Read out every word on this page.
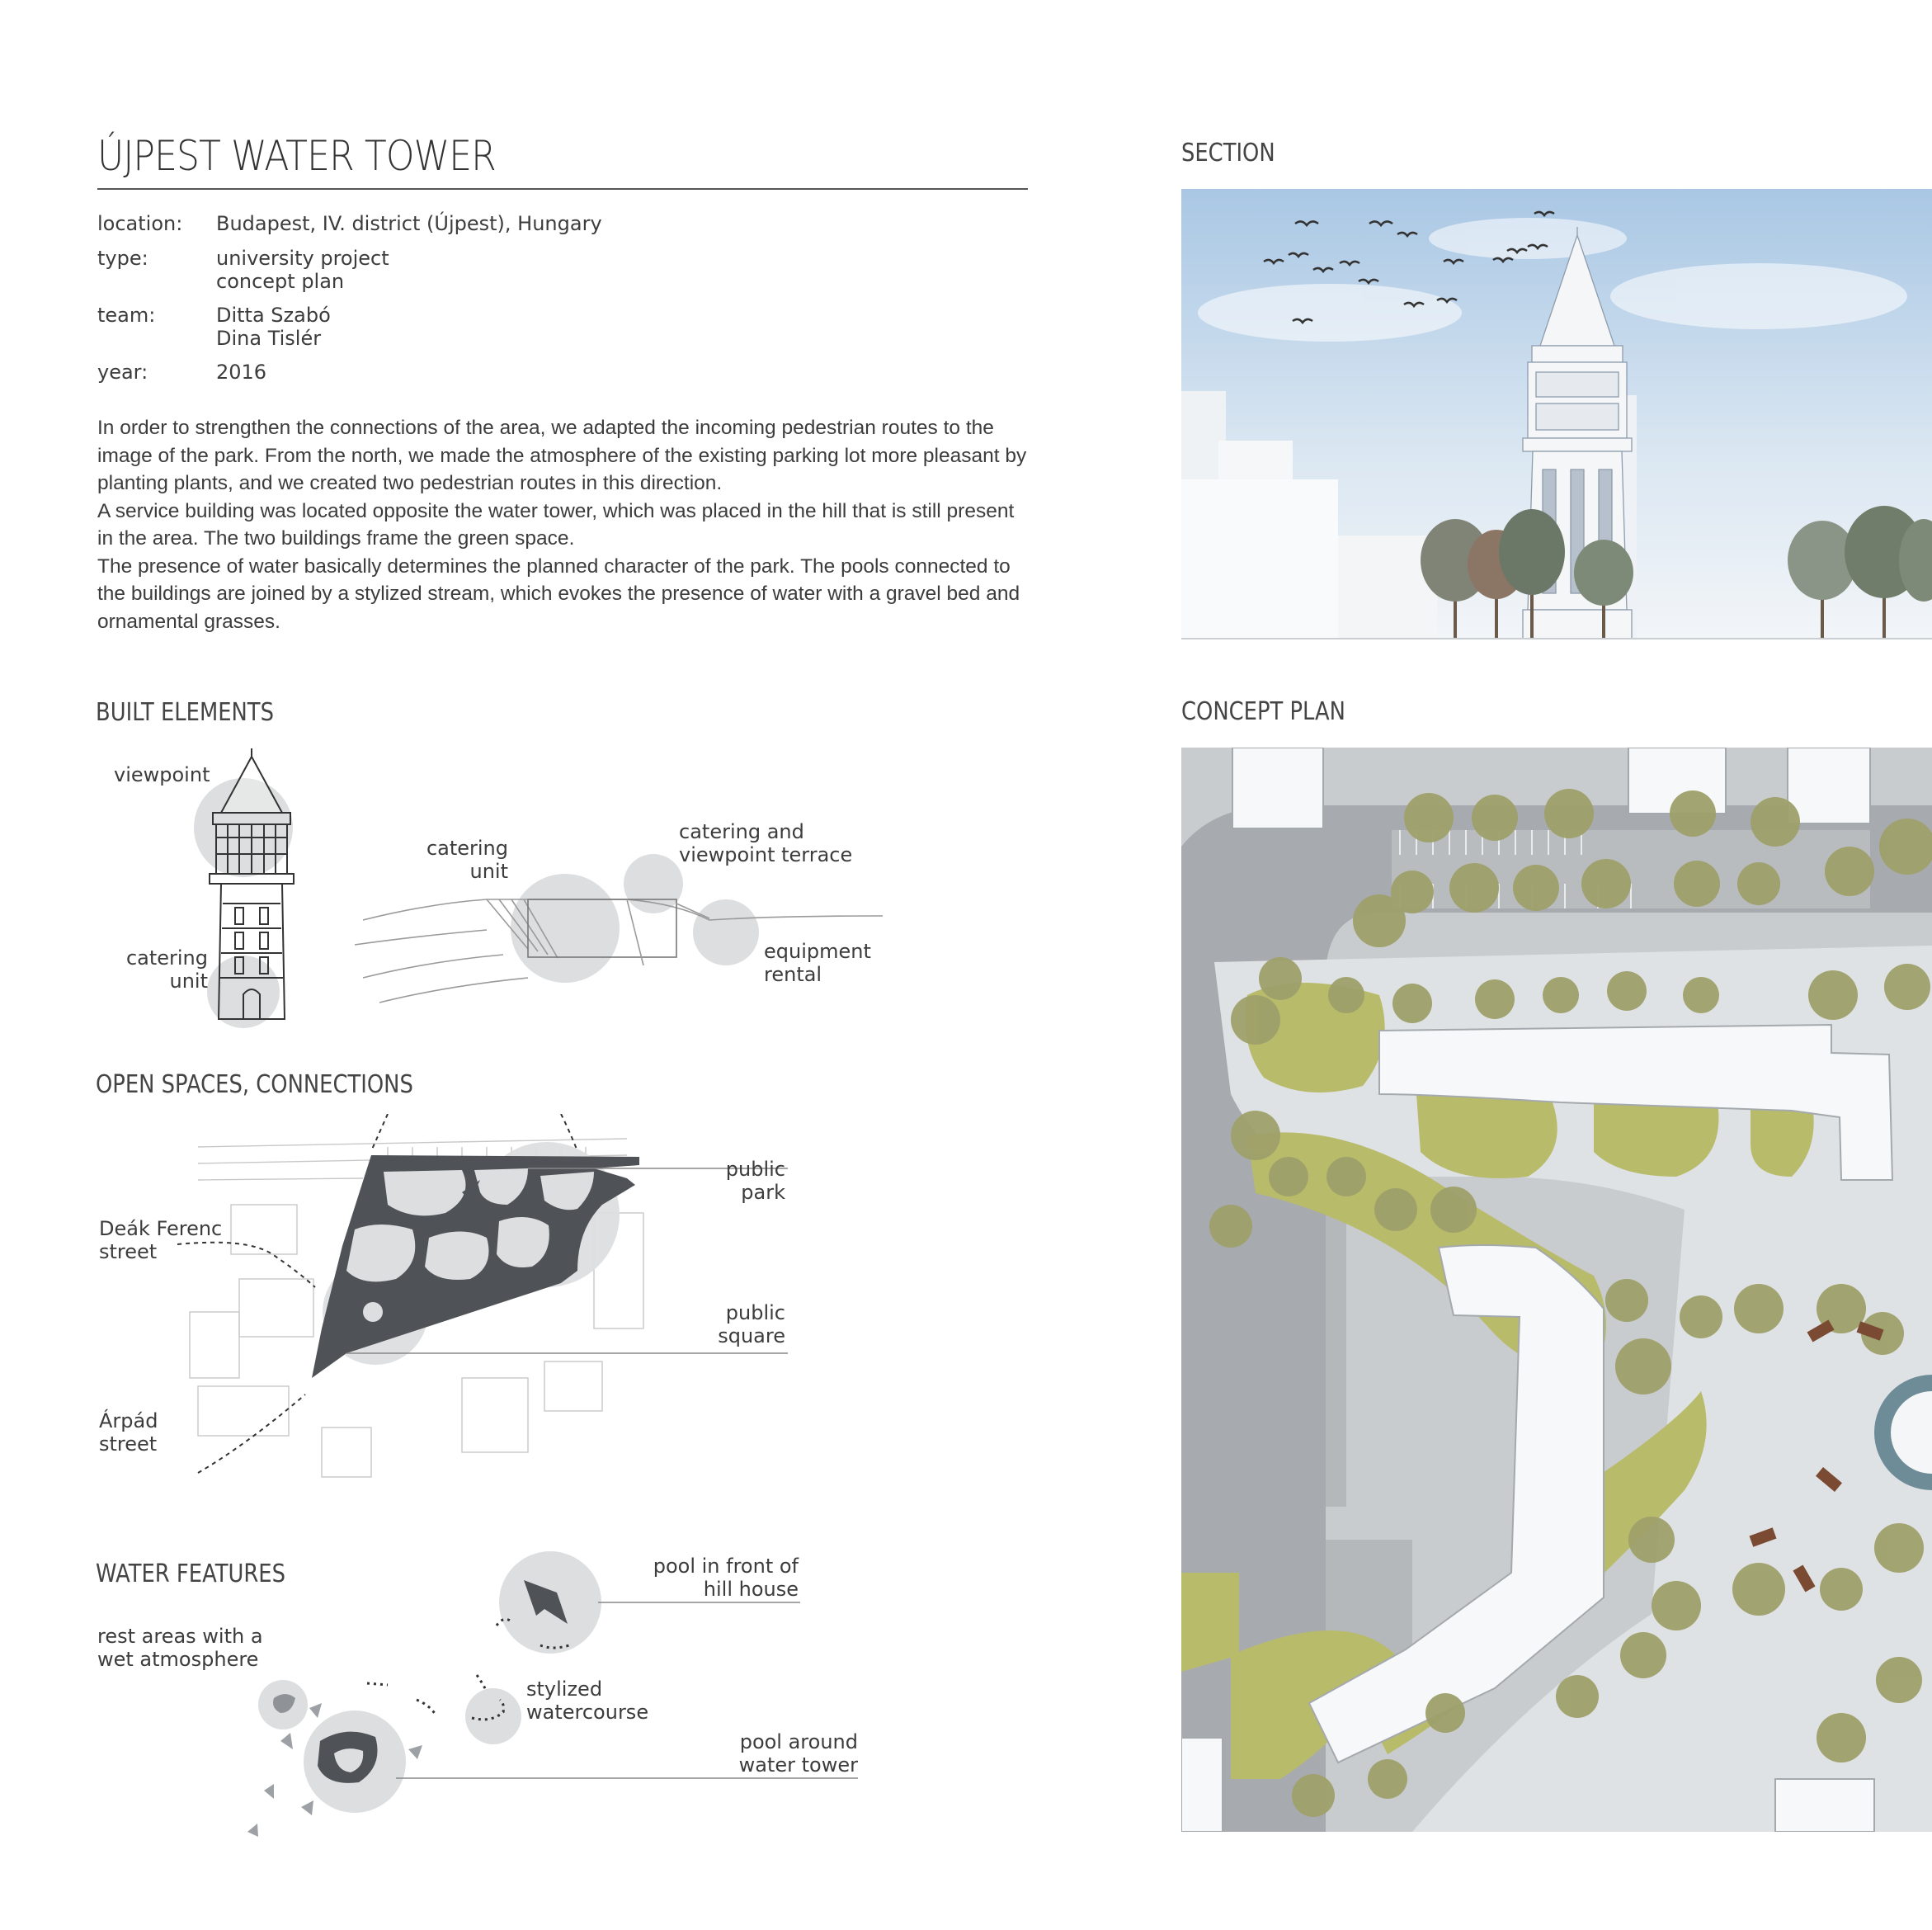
ÚJPEST WATER TOWER
location: Budapest, IV. district (Újpest), Hungary
type:	university project
concept plan
team:	Ditta Szabó
Dina Tislér
year:	2016

In order to strengthen the connections of the area, we adapted the incoming pedestrian routes to the image of the park. From the north, we made the atmosphere of the existing parking lot more pleasant by planting plants, and we created two pedestrian routes in this direction.

A service building was located opposite the water tower, which was placed in the hill that is still present in the area. The two buildings frame the green space.

The presence of water basically determines the planned character of the park. The pools connected to the buildings are joined by a stylized stream, which evokes the presence of water with a gravel bed and ornamental grasses.

BUILT ELEMENTS
viewpoint
catering
unit
catering
unit
catering and
viewpoint terrace
equipment
rental
OPEN SPACES, CONNECTIONS
Deák Ferenc
street
Árpád
street
public
park
public
square
WATER FEATURES	pool in front of
hill house
rest areas with a
wet atmosphere
stylized
watercourse
pool around
water tower
SECTION
CONCEPT PLAN
